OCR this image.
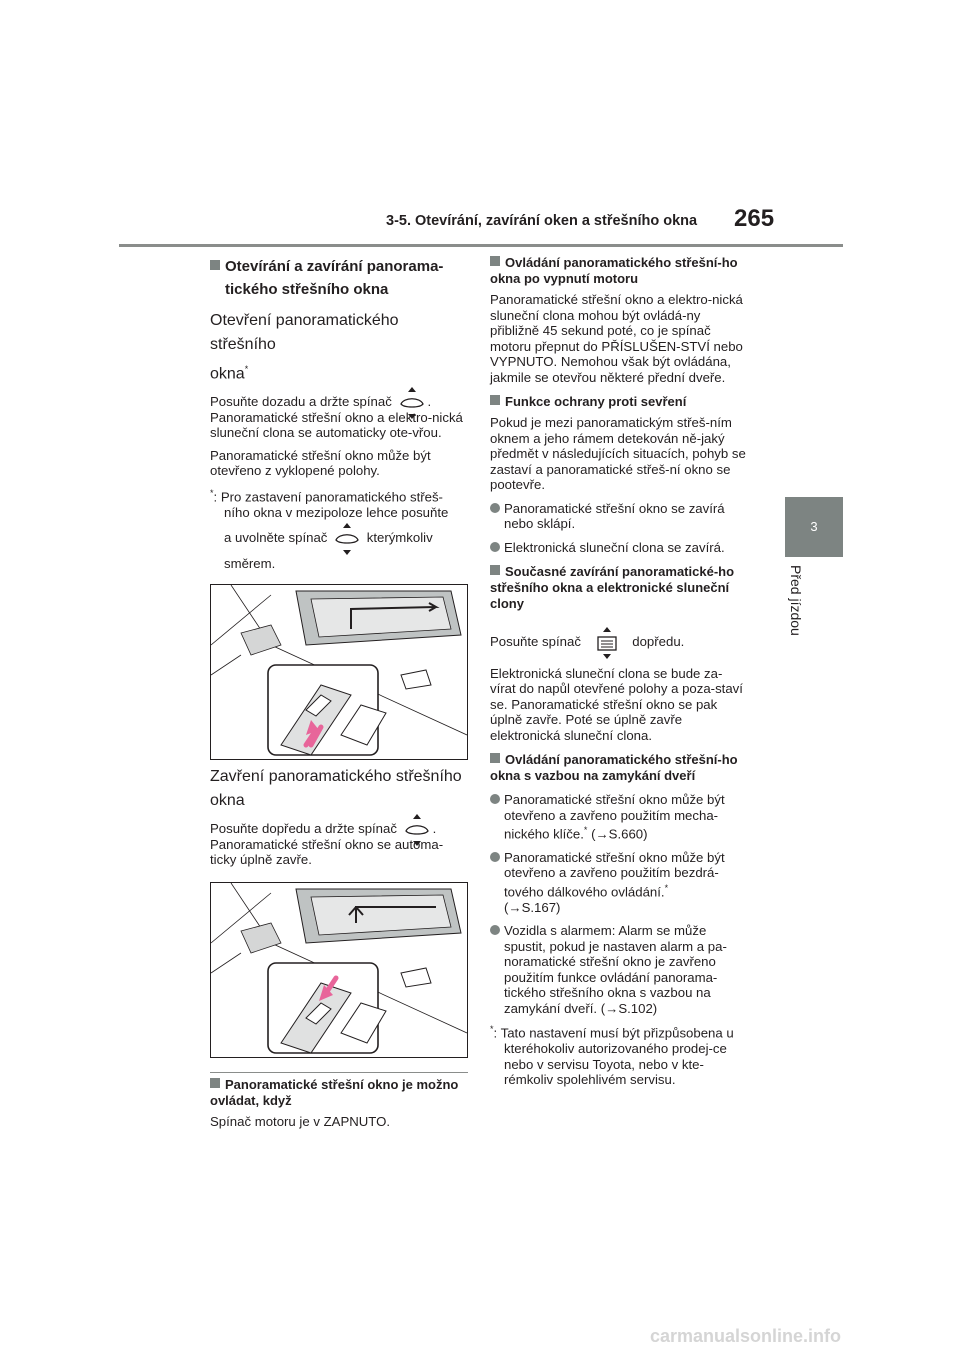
3-5. Otevírání, zavírání oken a střešního okna 265
3
Před jízdou
Otevírání a zavírání panorama-
tického střešního okna
Otevření panoramatického střešního
okna*
Posuňte dozadu a držte spínač	.
Panoramatické střešní okno a elektro-nická sluneční clona se automaticky ote-vřou.
Panoramatické střešní okno může být otevřeno z vyklopené polohy.
*: Pro zastavení panoramatického střeš-ního okna v mezipoloze lehce posuňte
a uvolněte spínač	kterýmkoliv
směrem.
Zavření panoramatického střešního
okna
Posuňte dopředu a držte spínač	.
Panoramatické střešní okno se automa-ticky úplně zavře.
Panoramatické střešní okno je možno ovládat, když
Spínač motoru je v ZAPNUTO.
Ovládání panoramatického střešní-ho okna po vypnutí motoru
Panoramatické střešní okno a elektro-nická sluneční clona mohou být ovládá-ny přibližně 45 sekund poté, co je spínač motoru přepnut do PŘÍSLUŠEN-STVÍ nebo VYPNUTO. Nemohou však být ovládána, jakmile se otevřou některé přední dveře.
Funkce ochrany proti sevření
Pokud je mezi panoramatickým střeš-ním oknem a jeho rámem detekován ně-jaký předmět v následujících situacích, pohyb se zastaví a panoramatické střeš-ní okno se pootevře.
Panoramatické střešní okno se zavírá nebo sklápí.
Elektronická sluneční clona se zavírá.
Současné zavírání panoramatické-ho střešního okna a elektronické sluneční clony
Posuňte spínač	dopředu.
Elektronická sluneční clona se bude za-vírat do napůl otevřené polohy a poza-staví se. Panoramatické střešní okno se pak úplně zavře. Poté se úplně zavře elektronická sluneční clona.
Ovládání panoramatického střešní-ho okna s vazbou na zamykání dveří
Panoramatické střešní okno může být otevřeno a zavřeno použitím mecha-nického klíče.* (→S.660)
Panoramatické střešní okno může být otevřeno a zavřeno použitím bezdrá-tového dálkového ovládání.*
(→S.167)
Vozidla s alarmem: Alarm se může spustit, pokud je nastaven alarm a pa-noramatické střešní okno je zavřeno použitím funkce ovládání panorama-tického střešního okna s vazbou na zamykání dveří. (→S.102)
*: Tato nastavení musí být přizpůsobena u kteréhokoliv autorizovaného prodej-ce nebo v servisu Toyota, nebo v kte-rémkoliv spolehlivém servisu.
carmanualsonline.info
